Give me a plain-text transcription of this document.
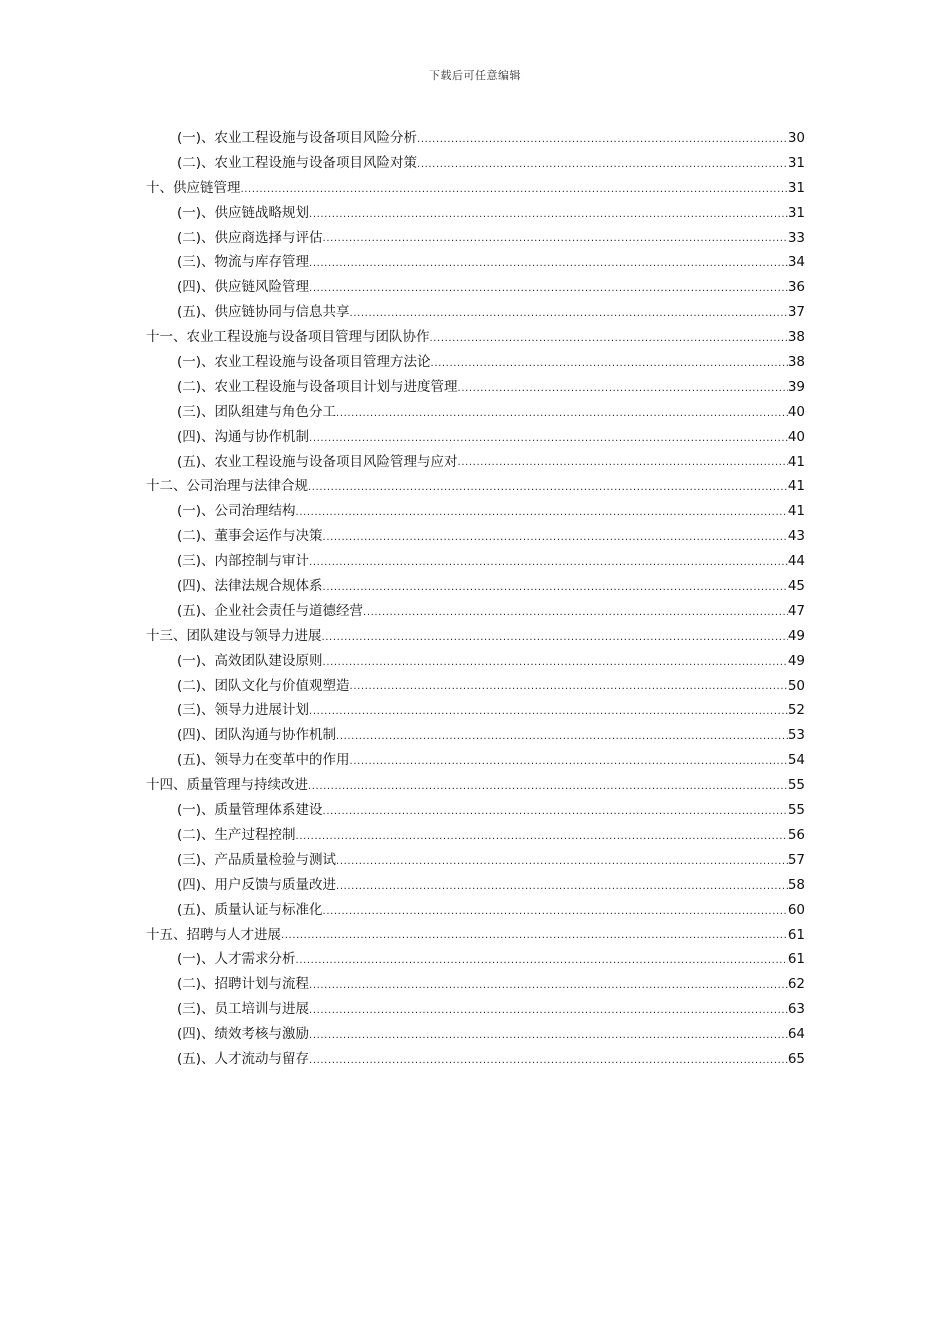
下载后可任意编辑
(一)、农业工程设施与设备项目风险分析 .....	30
(二)、农业工程设施与设备项目风险对策 .....	31
十、供应链管理 .....	31
(一)、供应链战略规划 .....	31
(二)、供应商选择与评估 .....	33
(三)、物流与库存管理 .....	34
(四)、供应链风险管理 .....	36
(五)、供应链协同与信息共享 .....	37
十一、农业工程设施与设备项目管理与团队协作 .....	38
(一)、农业工程设施与设备项目管理方法论 .....	38
(二)、农业工程设施与设备项目计划与进度管理 .....	39
(三)、团队组建与角色分工 .....	40
(四)、沟通与协作机制 .....	40
(五)、农业工程设施与设备项目风险管理与应对 .....	41
十二、公司治理与法律合规 .....	41
(一)、公司治理结构 .....	41
(二)、董事会运作与决策 .....	43
(三)、内部控制与审计 .....	44
(四)、法律法规合规体系 .....	45
(五)、企业社会责任与道德经营 .....	47
十三、团队建设与领导力进展 .....	49
(一)、高效团队建设原则 .....	49
(二)、团队文化与价值观塑造 .....	50
(三)、领导力进展计划 .....	52
(四)、团队沟通与协作机制 .....	53
(五)、领导力在变革中的作用 .....	54
十四、质量管理与持续改进 .....	55
(一)、质量管理体系建设 .....	55
(二)、生产过程控制 .....	56
(三)、产品质量检验与测试 .....	57
(四)、用户反馈与质量改进 .....	58
(五)、质量认证与标准化 .....	60
十五、招聘与人才进展 .....	61
(一)、人才需求分析 .....	61
(二)、招聘计划与流程 .....	62
(三)、员工培训与进展 .....	63
(四)、绩效考核与激励 .....	64
(五)、人才流动与留存 .....	65
